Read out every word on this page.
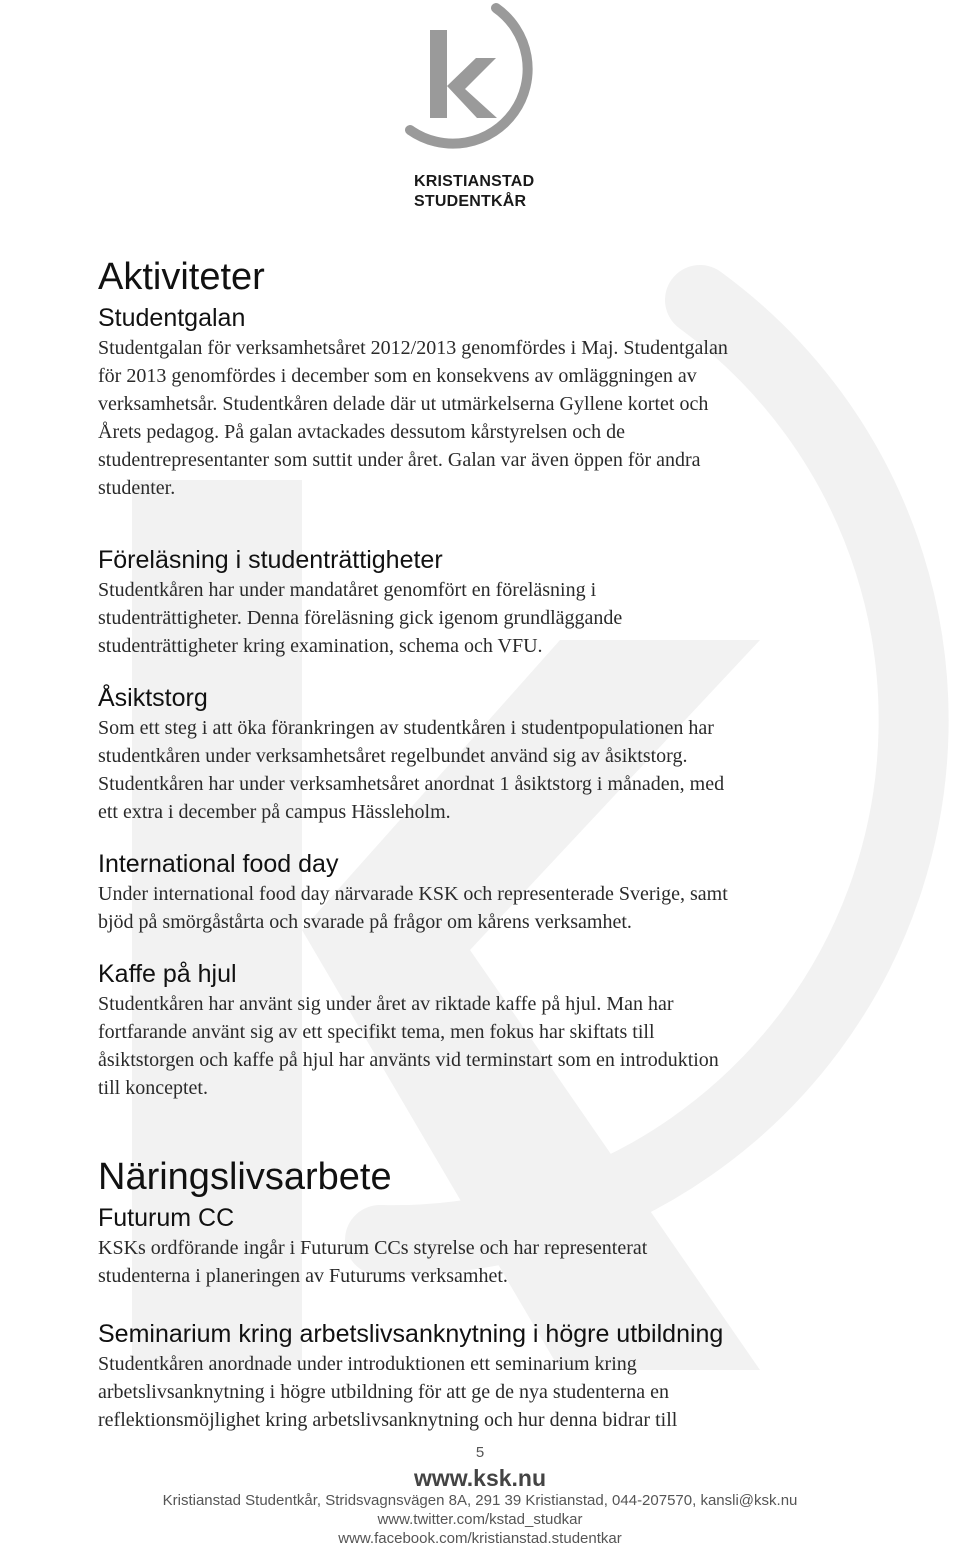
KRISTIANSTAD
STUDENTKÅR
Aktiviteter
Studentgalan

Studentgalan för verksamhetsåret 2012/2013 genomfördes i Maj. Studentgalan

för 2013 genomfördes i december som en konsekvens av omläggningen av

verksamhetsår. Studentkåren delade där ut utmärkelserna Gyllene kortet och

Årets pedagog. På galan avtackades dessutom kårstyrelsen och de

studentrepresentanter som suttit under året. Galan var även öppen för andra

studenter.

Föreläsning i studenträttigheter

Studentkåren har under mandatåret genomfört en föreläsning i

studenträttigheter. Denna föreläsning gick igenom grundläggande

studenträttigheter kring examination, schema och VFU.

Åsiktstorg

Som ett steg i att öka förankringen av studentkåren i studentpopulationen har

studentkåren under verksamhetsåret regelbundet använd sig av åsiktstorg.

Studentkåren har under verksamhetsåret anordnat 1 åsiktstorg i månaden, med

ett extra i december på campus Hässleholm.

International food day

Under international food day närvarade KSK och representerade Sverige, samt

bjöd på smörgåstårta och svarade på frågor om kårens verksamhet.

Kaffe på hjul

Studentkåren har använt sig under året av riktade kaffe på hjul. Man har

fortfarande använt sig av ett specifikt tema, men fokus har skiftats till

åsiktstorgen och kaffe på hjul har använts vid terminstart som en introduktion

till konceptet.

Näringslivsarbete
Futurum CC

KSKs ordförande ingår i Futurum CCs styrelse och har representerat

studenterna i planeringen av Futurums verksamhet.

Seminarium kring arbetslivsanknytning i högre utbildning

Studentkåren anordnade under introduktionen ett seminarium kring

arbetslivsanknytning i högre utbildning för att ge de nya studenterna en

reflektionsmöjlighet kring arbetslivsanknytning och hur denna bidrar till

5
www.ksk.nu
Kristianstad Studentkår, Stridsvagnsvägen 8A, 291 39 Kristianstad, 044-207570, kansli@ksk.nu
www.twitter.com/kstad_studkar
www.facebook.com/kristianstad.studentkar
